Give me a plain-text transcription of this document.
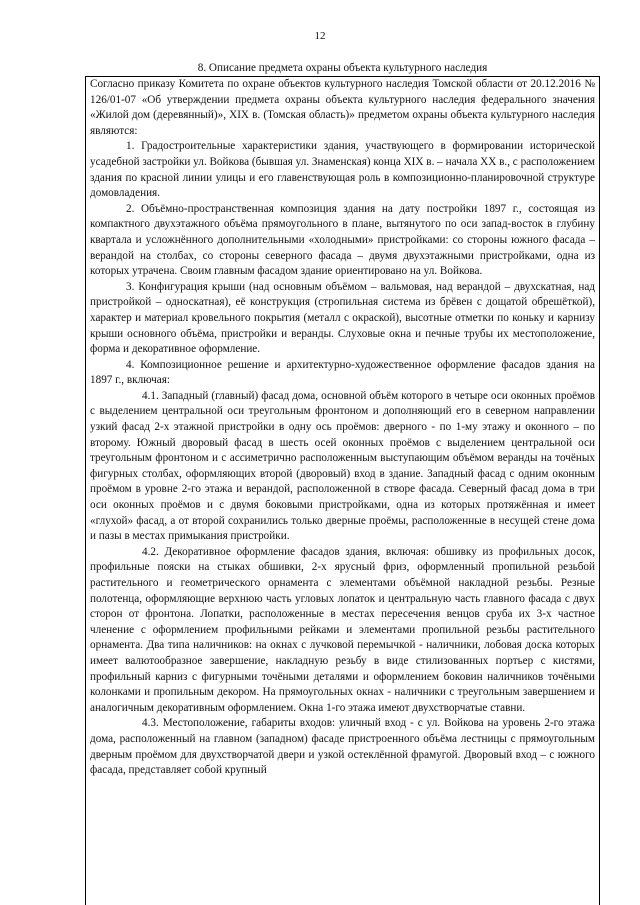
12
8. Описание предмета охраны объекта культурного наследия

Согласно приказу Комитета по охране объектов культурного наследия Томской области от 20.12.2016 № 126/01-07 «Об утверждении предмета охраны объекта культурного наследия федерального значения «Жилой дом (деревянный)», XIX в. (Томская область)» предметом охраны объекта культурного наследия являются:

1. Градостроительные характеристики здания, участвующего в формировании исторической усадебной застройки ул. Войкова (бывшая ул. Знаменская) конца XIX в. – начала XX в., с расположением здания по красной линии улицы и его главенствующая роль в композиционно-планировочной структуре домовладения.

2. Объёмно-пространственная композиция здания на дату постройки 1897 г., состоящая из компактного двухэтажного объёма прямоугольного в плане, вытянутого по оси запад-восток в глубину квартала и усложнённого дополнительными «холодными» пристройками: со стороны южного фасада – верандой на столбах, со стороны северного фасада – двумя двухэтажными пристройками, одна из которых утрачена. Своим главным фасадом здание ориентировано на ул. Войкова.

3. Конфигурация крыши (над основным объёмом – вальмовая, над верандой – двухскатная, над пристройкой – односкатная), её конструкция (стропильная система из брёвен с дощатой обрешёткой), характер и материал кровельного покрытия (металл с окраской), высотные отметки по коньку и карнизу крыши основного объёма, пристройки и веранды. Слуховые окна и печные трубы их местоположение, форма и декоративное оформление.

4. Композиционное решение и архитектурно-художественное оформление фасадов здания на 1897 г., включая:

4.1. Западный (главный) фасад дома, основной объём которого в четыре оси оконных проёмов с выделением центральной оси треугольным фронтоном и дополняющий его в северном направлении узкий фасад 2-х этажной пристройки в одну ось проёмов: дверного - по 1-му этажу и оконного – по второму. Южный дворовый фасад в шесть осей оконных проёмов с выделением центральной оси треугольным фронтоном и с ассиметрично расположенным выступающим объёмом веранды на точёных фигурных столбах, оформляющих второй (дворовый) вход в здание. Западный фасад с одним оконным проёмом в уровне 2-го этажа и верандой, расположенной в створе фасада. Северный фасад дома в три оси оконных проёмов и с двумя боковыми пристройками, одна из которых протяжённая и имеет «глухой» фасад, а от второй сохранились только дверные проёмы, расположенные в несущей стене дома и пазы в местах примыкания пристройки.

4.2. Декоративное оформление фасадов здания, включая: обшивку из профильных досок, профильные пояски на стыках обшивки, 2-х ярусный фриз, оформленный пропильной резьбой растительного и геометрического орнамента с элементами объёмной накладной резьбы. Резные полотенца, оформляющие верхнюю часть угловых лопаток и центральную часть главного фасада с двух сторон от фронтона. Лопатки, расположенные в местах пересечения венцов сруба их 3-х частное членение с оформлением профильными рейками и элементами пропильной резьбы растительного орнамента. Два типа наличников: на окнах с лучковой перемычкой - наличники, лобовая доска которых имеет валютообразное завершение, накладную резьбу в виде стилизованных портьер с кистями, профильный карниз с фигурными точёными деталями и оформлением боковин наличников точёными колонками и пропильным декором. На прямоугольных окнах - наличники с треугольным завершением и аналогичным декоративным оформлением. Окна 1-го этажа имеют двухстворчатые ставни.

4.3. Местоположение, габариты входов: уличный вход - с ул. Войкова на уровень 2-го этажа дома, расположенный на главном (западном) фасаде пристроенного объёма лестницы с прямоугольным дверным проёмом для двухстворчатой двери и узкой остеклённой фрамугой. Дворовый вход – с южного фасада, представляет собой крупный
